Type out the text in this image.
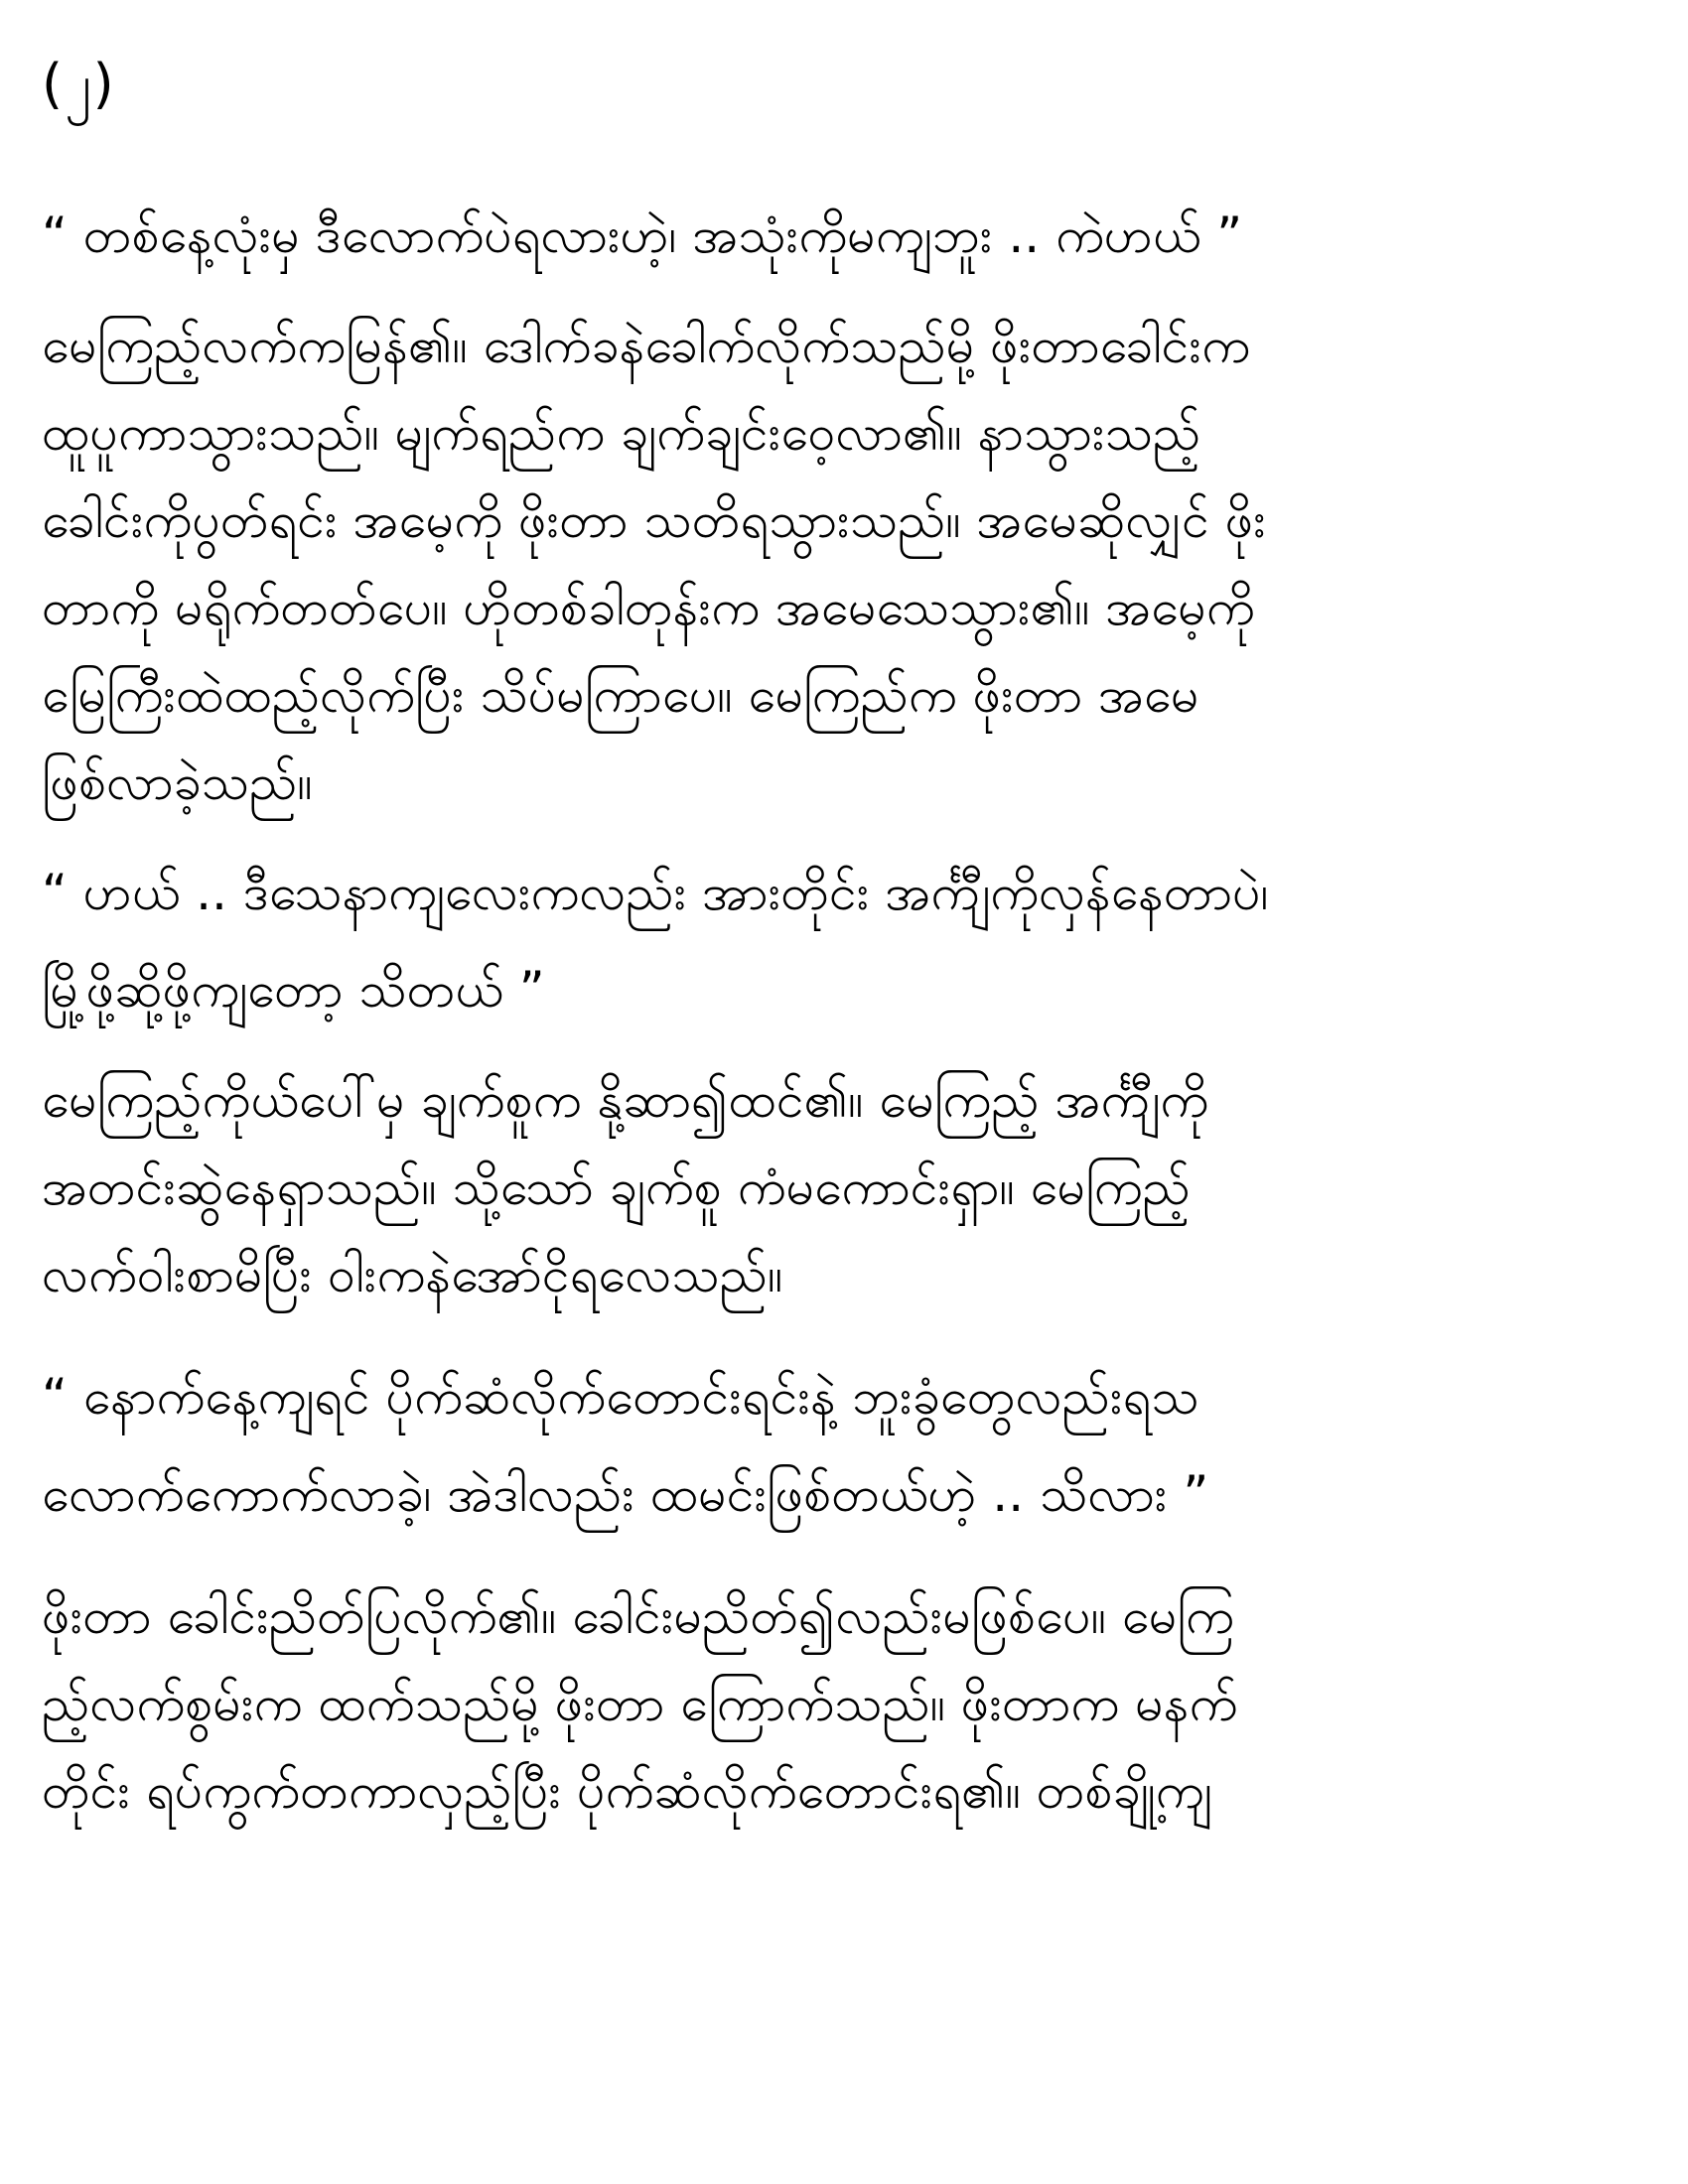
(၂)
“ တစ်နေ့လုံးမှ ဒီလောက်ပဲရလားဟဲ့၊ အသုံးကိုမကျဘူး .. ကဲဟယ် ”
မေကြည့်လက်ကမြန်၏။ ဒေါက်ခနဲခေါက်လိုက်သည်မို့ ဖိုးတာခေါင်းက
ထူပူကာသွားသည်။ မျက်ရည်က ချက်ချင်းဝေ့လာ၏။ နာသွားသည့်
ခေါင်းကိုပွတ်ရင်း အမေ့ကို ဖိုးတာ သတိရသွားသည်။ အမေဆိုလျှင် ဖိုး
တာကို မရိုက်တတ်ပေ။ ဟိုတစ်ခါတုန်းက အမေသေသွား၏။ အမေ့ကို
မြေကြီးထဲထည့်လိုက်ပြီး သိပ်မကြာပေ။ မေကြည်က ဖိုးတာ အမေ
ဖြစ်လာခဲ့သည်။
“ ဟယ် .. ဒီသေနာကျလေးကလည်း အားတိုင်း အင်္ကျီကိုလှန်နေတာပဲ၊
မြို့ဖို့ဆို့ဖို့ကျတော့ သိတယ် ”
မေကြည့်ကိုယ်ပေါ်မှ ချက်စူက နို့ဆာ၍ထင်၏။ မေကြည့် အင်္ကျီကို
အတင်းဆွဲနေရှာသည်။ သို့သော် ချက်စူ ကံမကောင်းရှာ။ မေကြည့်
လက်ဝါးစာမိပြီး ဝါးကနဲအော်ငိုရလေသည်။
“ နောက်နေ့ကျရင် ပိုက်ဆံလိုက်တောင်းရင်းနဲ့ ဘူးခွံတွေလည်းရသ
လောက်ကောက်လာခဲ့၊ အဲဒါလည်း ထမင်းဖြစ်တယ်ဟဲ့ .. သိလား ”
ဖိုးတာ ခေါင်းညိတ်ပြလိုက်၏။ ခေါင်းမညိတ်၍လည်းမဖြစ်ပေ။ မေကြ
ည့်လက်စွမ်းက ထက်သည်မို့ ဖိုးတာ ကြောက်သည်။ ဖိုးတာက မနက်
တိုင်း ရပ်ကွက်တကာလှည့်ပြီး ပိုက်ဆံလိုက်တောင်းရ၏။ တစ်ချို့ကျ
